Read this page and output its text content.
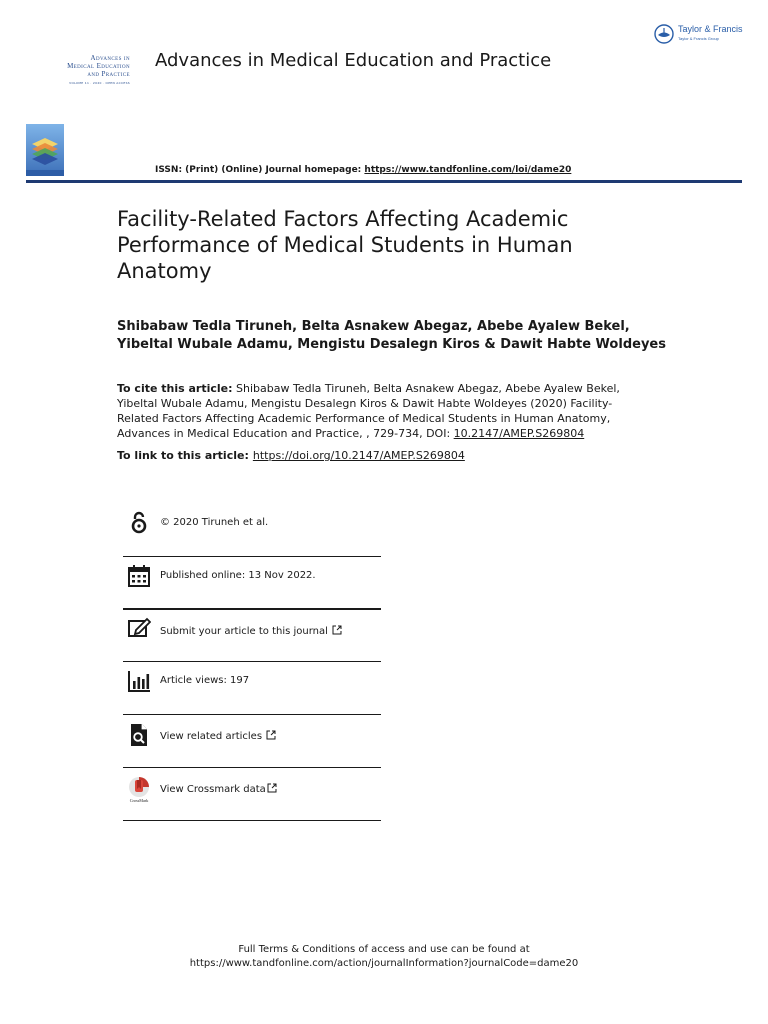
Taylor & Francis
Taylor & Francis Group
Advances in
Medical Education
and Practice
VOLUME 11 · 2020 · OPEN ACCESS
Advances in Medical Education and Practice
ISSN: (Print) (Online) Journal homepage: https://www.tandfonline.com/loi/dame20
Facility-Related Factors Affecting Academic Performance of Medical Students in Human Anatomy
Shibabaw Tedla Tiruneh, Belta Asnakew Abegaz, Abebe Ayalew Bekel, Yibeltal Wubale Adamu, Mengistu Desalegn Kiros & Dawit Habte Woldeyes
To cite this article: Shibabaw Tedla Tiruneh, Belta Asnakew Abegaz, Abebe Ayalew Bekel, Yibeltal Wubale Adamu, Mengistu Desalegn Kiros & Dawit Habte Woldeyes (2020) Facility-Related Factors Affecting Academic Performance of Medical Students in Human Anatomy, Advances in Medical Education and Practice, , 729-734, DOI: 10.2147/AMEP.S269804
To link to this article: https://doi.org/10.2147/AMEP.S269804
© 2020 Tiruneh et al.
Published online: 13 Nov 2022.
Submit your article to this journal
Article views: 197
View related articles
CrossMark
View Crossmark data
Full Terms & Conditions of access and use can be found at
https://www.tandfonline.com/action/journalInformation?journalCode=dame20
